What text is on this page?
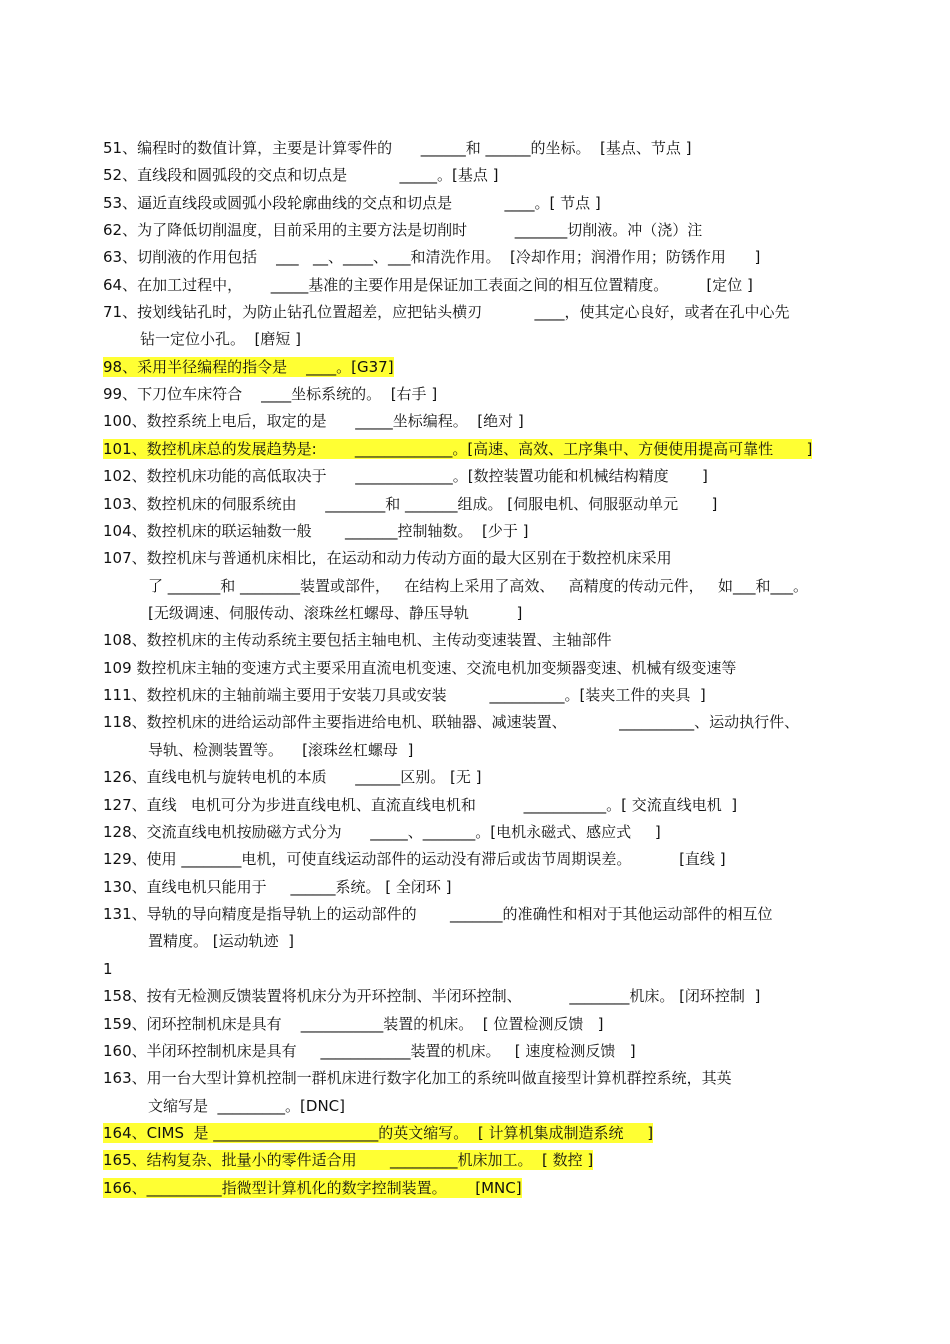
51、编程时的数值计算，主要是计算零件的      ______和 ______的坐标。  [基点、节点 ]
52、直线段和圆弧段的交点和切点是           _____。[基点 ]
53、逼近直线段或圆弧小段轮廓曲线的交点和切点是           ____。[ 节点 ]
62、为了降低切削温度，目前采用的主要方法是切削时          _______切削液。冲（浇）注
63、切削液的作用包括    ___   __、____、___和清洗作用。  [冷却作用；润滑作用；防锈作用      ]
64、在加工过程中，      _____基准的主要作用是保证加工表面之间的相互位置精度。        [定位 ]
71、按划线钻孔时，为防止钻孔位置超差，应把钻头横刃           ____，使其定心良好，或者在孔中心先
钻一定位小孔。  [磨短 ]
98、采用半径编程的指令是    ____。[G37]
99、下刀位车床符合    ____坐标系统的。  [右手 ]
100、数控系统上电后，取定的是      _____坐标编程。  [绝对 ]
101、数控机床总的发展趋势是:        _____________。[高速、高效、工序集中、方便使用提高可靠性       ]
102、数控机床功能的高低取决于      _____________。[数控装置功能和机械结构精度       ]
103、数控机床的伺服系统由      ________和 _______组成。 [伺服电机、伺服驱动单元       ]
104、数控机床的联运轴数一般       _______控制轴数。  [少于 ]
107、数控机床与普通机床相比，在运动和动力传动方面的最大区别在于数控机床采用
了 _______和 ________装置或部件，   在结构上采用了高效、   高精度的传动元件，   如___和___。
[无级调速、伺服传动、滚珠丝杠螺母、静压导轨          ]
108、数控机床的主传动系统主要包括主轴电机、主传动变速装置、主轴部件
109 数控机床主轴的变速方式主要采用直流电机变速、交流电机加变频器变速、机械有级变速等
111、数控机床的主轴前端主要用于安装刀具或安装         __________。[装夹工件的夹具  ]
118、数控机床的进给运动部件主要指进给电机、联轴器、减速装置、           __________、运动执行件、
导轨、检测装置等。    [滚珠丝杠螺母  ]
126、直线电机与旋转电机的本质      ______区别。 [无 ]
127、直线   电机可分为步进直线电机、直流直线电机和          ___________。[ 交流直线电机  ]
128、交流直线电机按励磁方式分为      _____、_______。[电机永磁式、感应式     ]
129、使用 ________电机，可使直线运动部件的运动没有滞后或齿节周期误差。          [直线 ]
130、直线电机只能用于     ______系统。 [ 全闭环 ]
131、导轨的导向精度是指导轨上的运动部件的       _______的准确性和相对于其他运动部件的相互位
置精度。 [运动轨迹  ]
1
158、按有无检测反馈装置将机床分为开环控制、半闭环控制、          ________机床。 [闭环控制  ]
159、闭环控制机床是具有    ___________装置的机床。  [ 位置检测反馈   ]
160、半闭环控制机床是具有     ____________装置的机床。   [ 速度检测反馈   ]
163、用一台大型计算机控制一群机床进行数字化加工的系统叫做直接型计算机群控系统，其英
文缩写是  _________。[DNC]
164、CIMS  是 ______________________的英文缩写。  [ 计算机集成制造系统     ]
165、结构复杂、批量小的零件适合用       _________机床加工。  [ 数控 ]
166、__________指微型计算机化的数字控制装置。      [MNC]
